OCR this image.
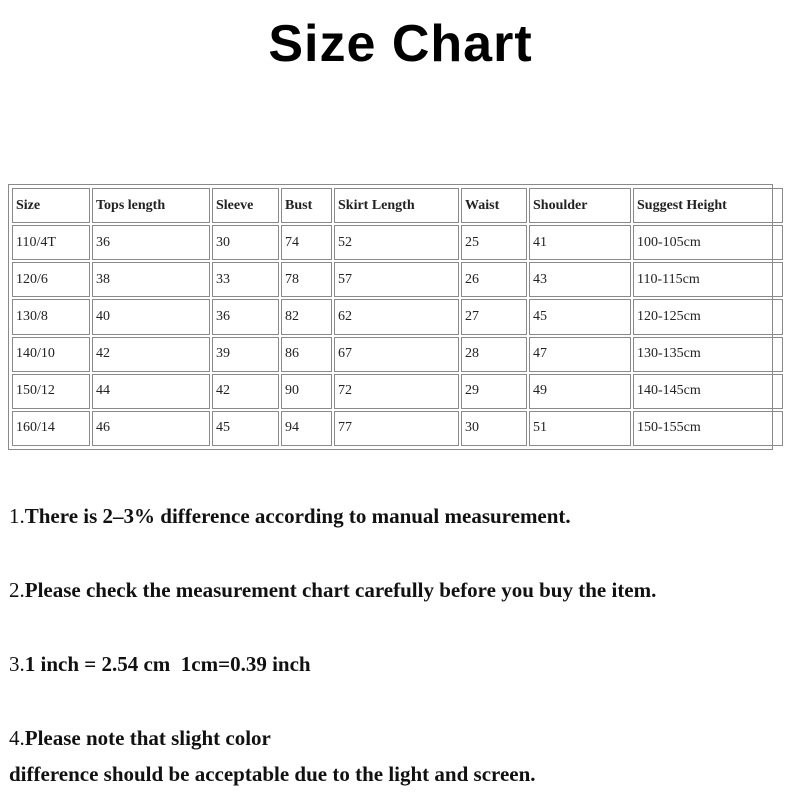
Size Chart
Size	Tops length	Sleeve	Bust	Skirt Length	Waist	Shoulder	Suggest Height
110/4T	36	30	74	52	25	41	100-105cm
120/6	38	33	78	57	26	43	110-115cm
130/8	40	36	82	62	27	45	120-125cm
140/10	42	39	86	67	28	47	130-135cm
150/12	44	42	90	72	29	49	140-145cm
160/14	46	45	94	77	30	51	150-155cm

1.There is 2–3% difference according to manual measurement.

2.Please check the measurement chart carefully before you buy the item.

3.1 inch = 2.54 cm  1cm=0.39 inch

4.Please note that slight color

difference should be acceptable due to the light and screen.
